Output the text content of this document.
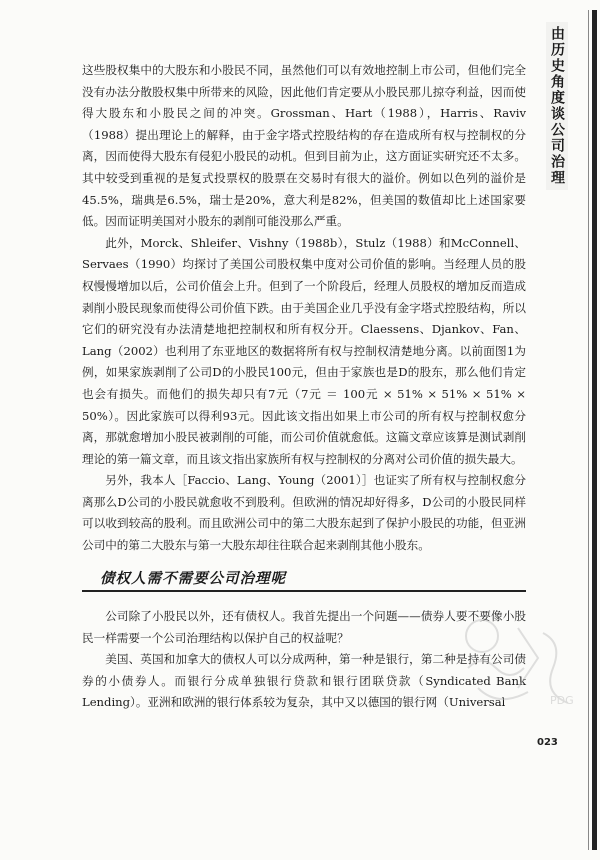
这些股权集中的大股东和小股民不同，虽然他们可以有效地控制上市公司，但他们完全没有办法分散股权集中所带来的风险，因此他们肯定要从小股民那儿掠夺利益，因而使得大股东和小股民之间的冲突。Grossman、Hart（1988），Harris、Raviv（1988）提出理论上的解释，由于金字塔式控股结构的存在造成所有权与控制权的分离，因而使得大股东有侵犯小股民的动机。但到目前为止，这方面证实研究还不太多。其中较受到重视的是复式投票权的股票在交易时有很大的溢价。例如以色列的溢价是45.5%，瑞典是6.5%，瑞士是20%，意大利是82%，但美国的数值却比上述国家要低。因而证明美国对小股东的剥削可能没那么严重。

此外，Morck、Shleifer、Vishny（1988b），Stulz（1988）和McConnell、Servaes（1990）均探讨了美国公司股权集中度对公司价值的影响。当经理人员的股权慢慢增加以后，公司价值会上升。但到了一个阶段后，经理人员股权的增加反而造成剥削小股民现象而使得公司价值下跌。由于美国企业几乎没有金字塔式控股结构，所以它们的研究没有办法清楚地把控制权和所有权分开。Claessens、Djankov、Fan、Lang（2002）也利用了东亚地区的数据将所有权与控制权清楚地分离。以前面图1为例，如果家族剥削了公司D的小股民100元，但由于家族也是D的股东，那么他们肯定也会有损失。而他们的损失却只有7元（7元 ＝ 100元 × 51% × 51% × 51% × 50%）。因此家族可以得利93元。因此该文指出如果上市公司的所有权与控制权愈分离，那就愈增加小股民被剥削的可能，而公司价值就愈低。这篇文章应该算是测试剥削理论的第一篇文章，而且该文指出家族所有权与控制权的分离对公司价值的损失最大。

另外，我本人［Faccio、Lang、Young（2001）］也证实了所有权与控制权愈分离那么D公司的小股民就愈收不到股利。但欧洲的情况却好得多，D公司的小股民同样可以收到较高的股利。而且欧洲公司中的第二大股东起到了保护小股民的功能，但亚洲公司中的第二大股东与第一大股东却往往联合起来剥削其他小股东。

债权人需不需要公司治理呢

公司除了小股民以外，还有债权人。我首先提出一个问题——债券人要不要像小股民一样需要一个公司治理结构以保护自己的权益呢？

美国、英国和加拿大的债权人可以分成两种，第一种是银行，第二种是持有公司债券的小债券人。而银行分成单独银行贷款和银行团联贷款（Syndicated Bank Lending）。亚洲和欧洲的银行体系较为复杂，其中又以德国的银行网（Universal

由历史角度谈公司治理
023
PDG
